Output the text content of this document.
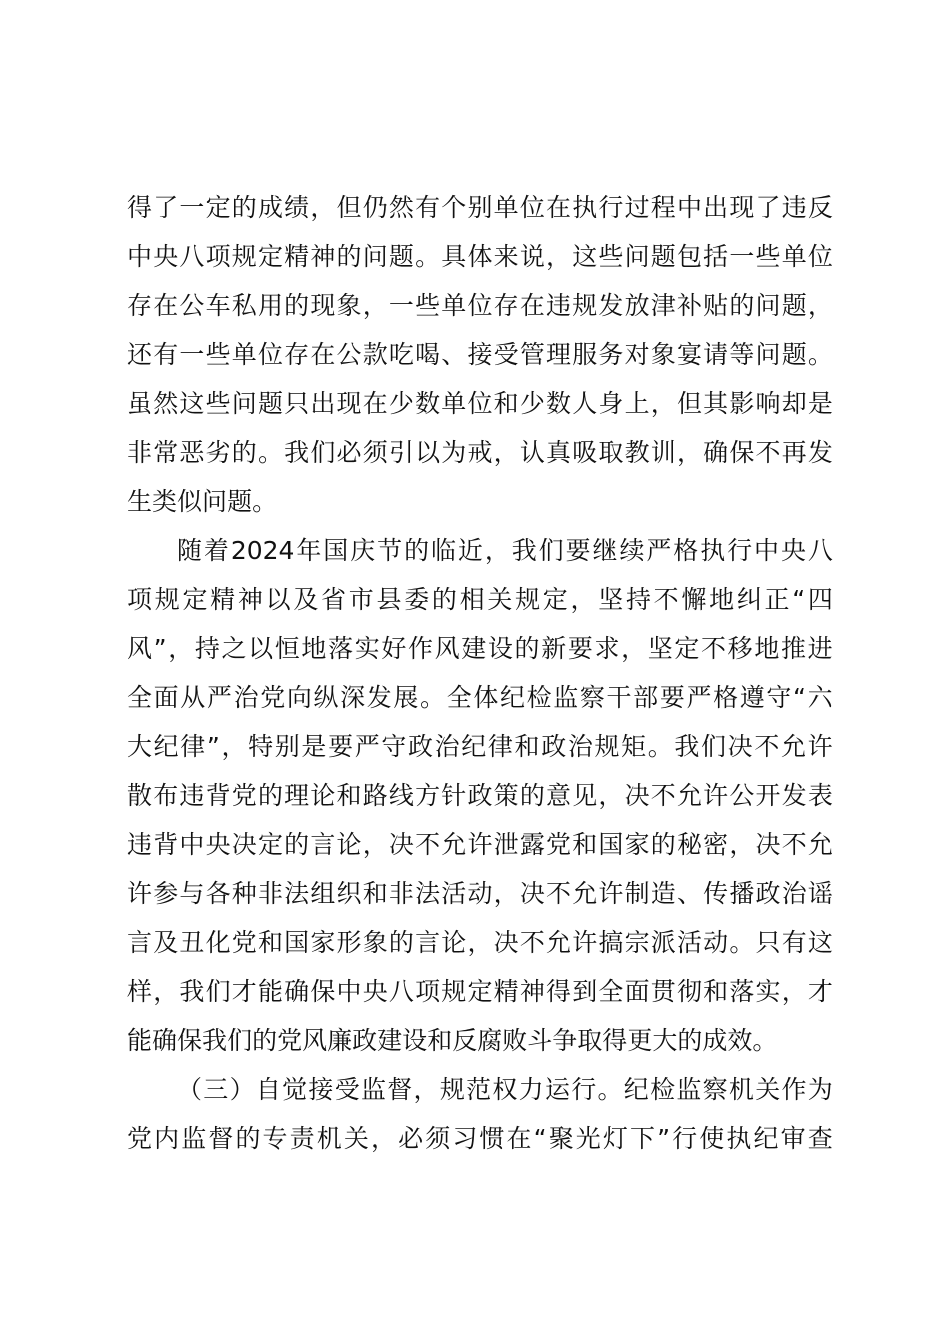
得 了 一 定 的 成 绩 ， 但 仍 然 有 个 别 单 位 在 执 行 过 程 中 出 现 了 违 反
中 央 八 项 规 定 精 神 的 问 题 。 具 体 来 说 ， 这 些 问 题 包 括 一 些 单 位
存 在 公 车 私 用 的 现 象 ， 一 些 单 位 存 在 违 规 发 放 津 补 贴 的 问 题 ，
还 有 一 些 单 位 存 在 公 款 吃 喝 、 接 受 管 理 服 务 对 象 宴 请 等 问 题 。
虽 然 这 些 问 题 只 出 现 在 少 数 单 位 和 少 数 人 身 上 ， 但 其 影 响 却 是
非 常 恶 劣 的 。 我 们 必 须 引 以 为 戒 ， 认 真 吸 取 教 训 ， 确 保 不 再 发
生 类 似 问 题 。
随 着 2024 年 国 庆 节 的 临 近 ， 我 们 要 继 续 严 格 执 行 中 央 八
项 规 定 精 神 以 及 省 市 县 委 的 相 关 规 定 ， 坚 持 不 懈 地 纠 正 “ 四
风 ” ， 持 之 以 恒 地 落 实 好 作 风 建 设 的 新 要 求 ， 坚 定 不 移 地 推 进
全 面 从 严 治 党 向 纵 深 发 展 。 全 体 纪 检 监 察 干 部 要 严 格 遵 守 “ 六
大 纪 律 ” ， 特 别 是 要 严 守 政 治 纪 律 和 政 治 规 矩 。 我 们 决 不 允 许
散 布 违 背 党 的 理 论 和 路 线 方 针 政 策 的 意 见 ， 决 不 允 许 公 开 发 表
违 背 中 央 决 定 的 言 论 ， 决 不 允 许 泄 露 党 和 国 家 的 秘 密 ， 决 不 允
许 参 与 各 种 非 法 组 织 和 非 法 活 动 ， 决 不 允 许 制 造 、 传 播 政 治 谣
言 及 丑 化 党 和 国 家 形 象 的 言 论 ， 决 不 允 许 搞 宗 派 活 动 。 只 有 这
样 ， 我 们 才 能 确 保 中 央 八 项 规 定 精 神 得 到 全 面 贯 彻 和 落 实 ， 才
能 确 保 我 们 的 党 风 廉 政 建 设 和 反 腐 败 斗 争 取 得 更 大 的 成 效 。
（ 三 ） 自 觉 接 受 监 督 ， 规 范 权 力 运 行 。 纪 检 监 察 机 关 作 为
党 内 监 督 的 专 责 机 关 ， 必 须 习 惯 在 “ 聚 光 灯 下 ” 行 使 执 纪 审 查
